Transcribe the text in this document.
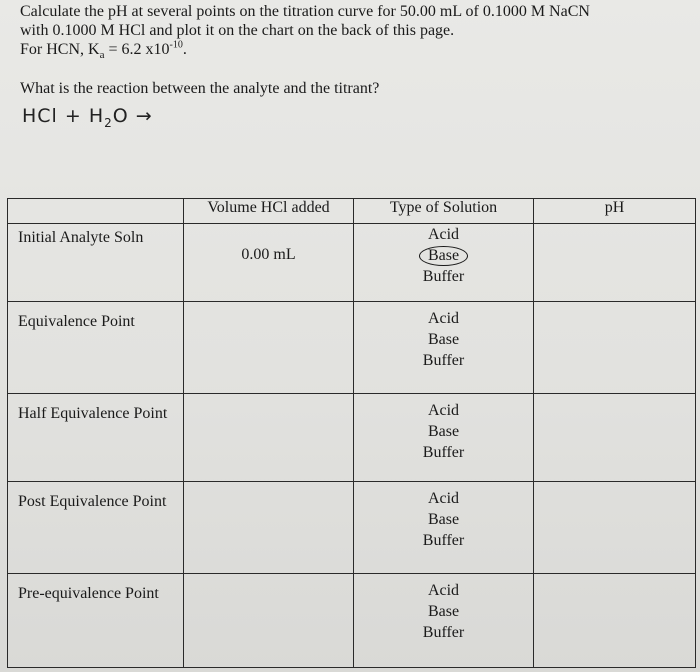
Calculate the pH at several points on the titration curve for 50.00 mL of 0.1000 M NaCN
with 0.1000 M HCl and plot it on the chart on the back of this page.
For HCN, $K_a = 6.2$ $x10^{-10}$.
What is the reaction between the analyte and the titrant?
HCl + $H_2O$ →
	Volume HCl added	Type of Solution	pH
Initial Analyte Soln	0.00 mL	Acid
Base
Buffer	

Equivalence Point		Acid
Base
Buffer	

Half Equivalence Point		Acid
Base
Buffer	

Post Equivalence Point		Acid
Base
Buffer	

Pre-equivalence Point		Acid
Base
Buffer	
